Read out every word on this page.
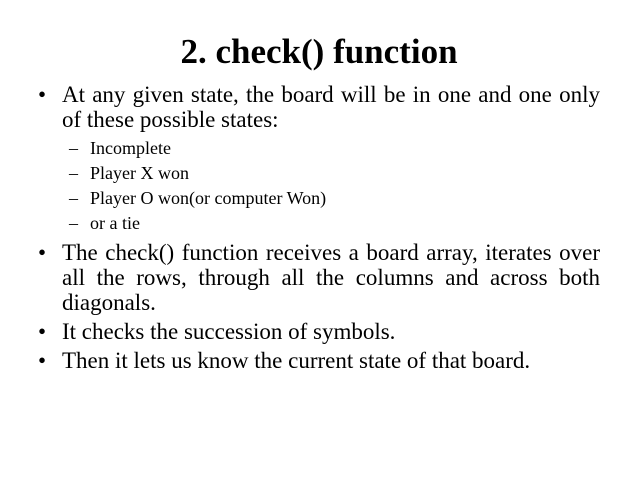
2. check() function
• At any given state, the board will be in one and one only of these possible states:
– Incomplete
– Player X won
– Player O won(or computer Won)
– or a tie
• The check() function receives a board array, iterates over all the rows, through all the columns and across both diagonals.
• It checks the succession of symbols.
• Then it lets us know the current state of that board.
